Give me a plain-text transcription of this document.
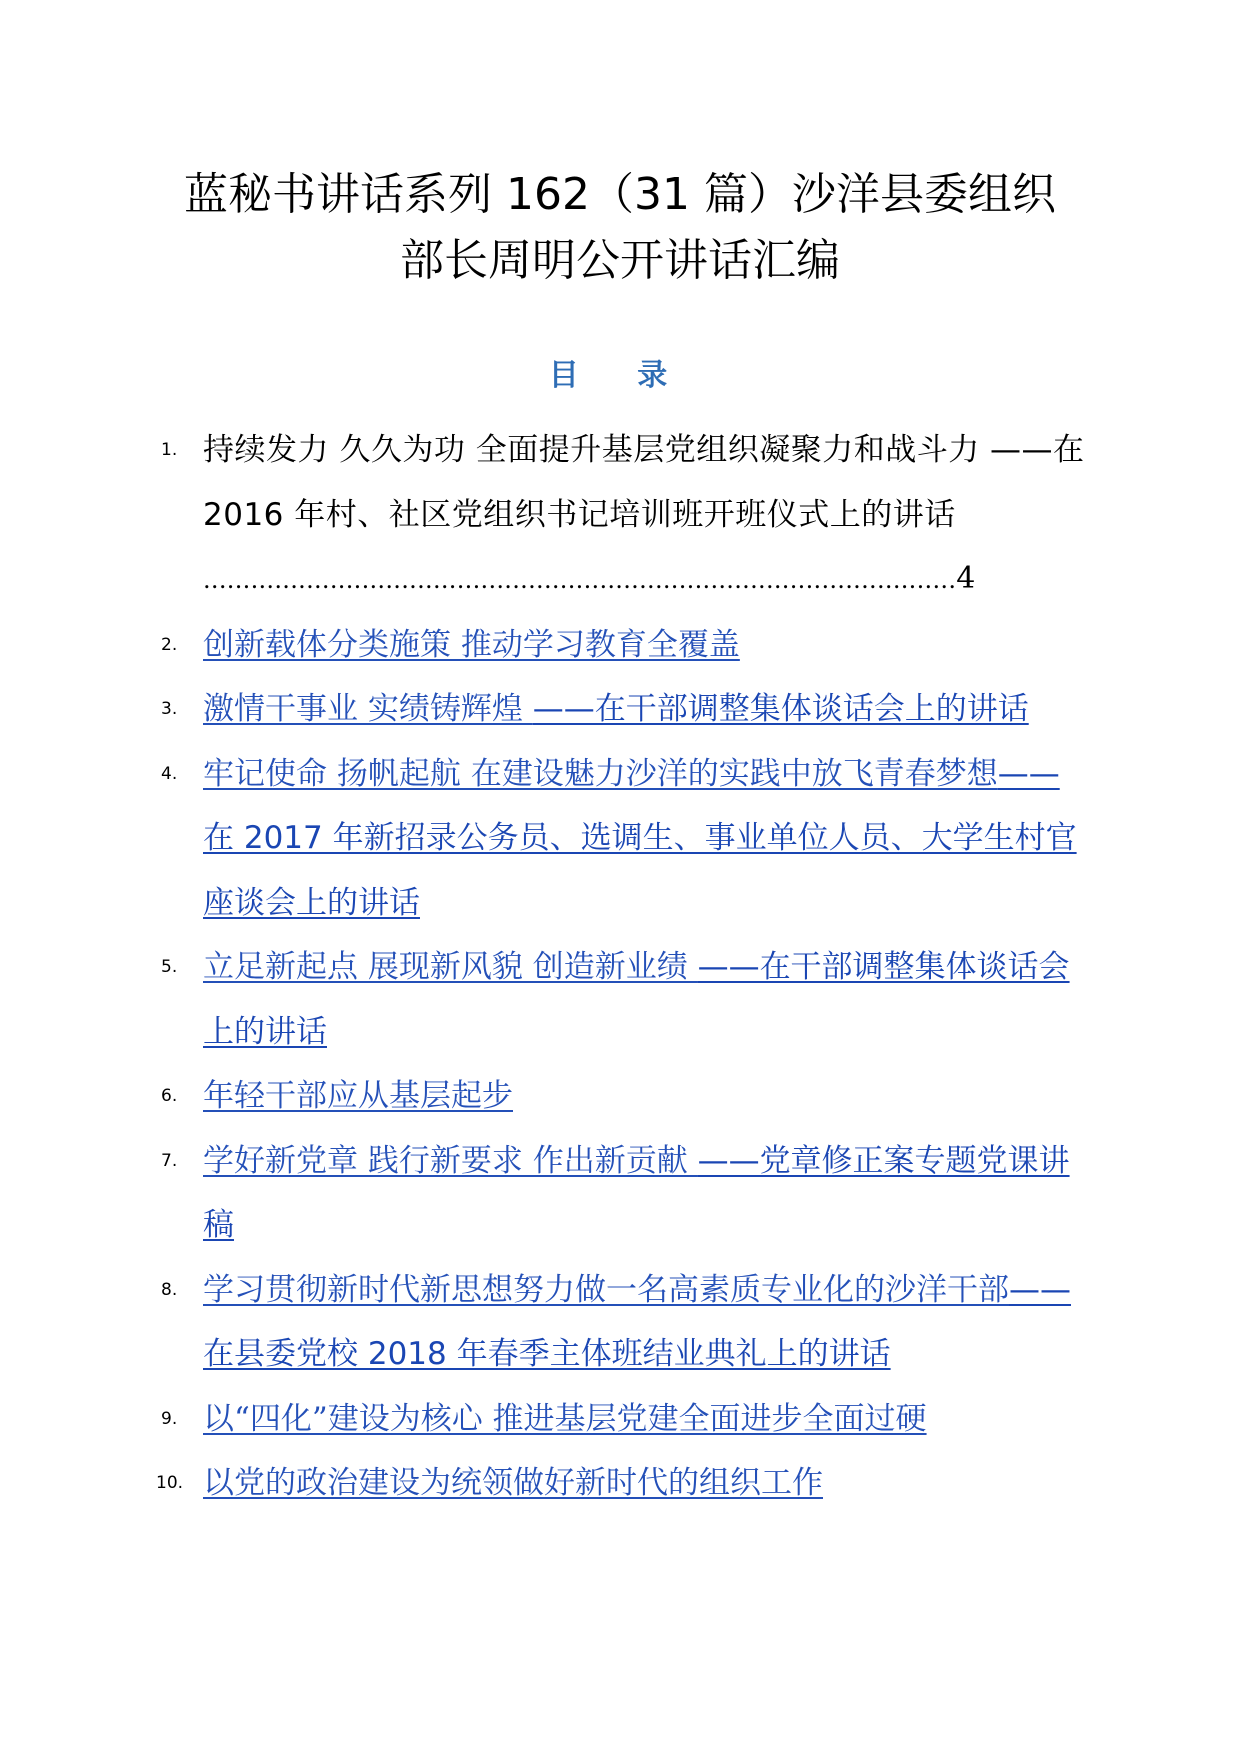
蓝秘书讲话系列 162（31 篇）沙洋县委组织
部长周明公开讲话汇编
目 录
1. 持续发力 久久为功 全面提升基层党组织凝聚力和战斗力 ——在 2016 年村、社区党组织书记培训班开班仪式上的讲话
...............................................................................................4
2. 创新载体分类施策 推动学习教育全覆盖
3. 激情干事业 实绩铸辉煌 ——在干部调整集体谈话会上的讲话
4. 牢记使命 扬帆起航 在建设魅力沙洋的实践中放飞青春梦想——在 2017 年新招录公务员、选调生、事业单位人员、大学生村官座谈会上的讲话
5. 立足新起点 展现新风貌 创造新业绩 ——在干部调整集体谈话会上的讲话
6. 年轻干部应从基层起步
7. 学好新党章 践行新要求 作出新贡献 ——党章修正案专题党课讲稿
8. 学习贯彻新时代新思想努力做一名高素质专业化的沙洋干部——在县委党校 2018 年春季主体班结业典礼上的讲话
9. 以“四化”建设为核心 推进基层党建全面进步全面过硬
10. 以党的政治建设为统领做好新时代的组织工作
